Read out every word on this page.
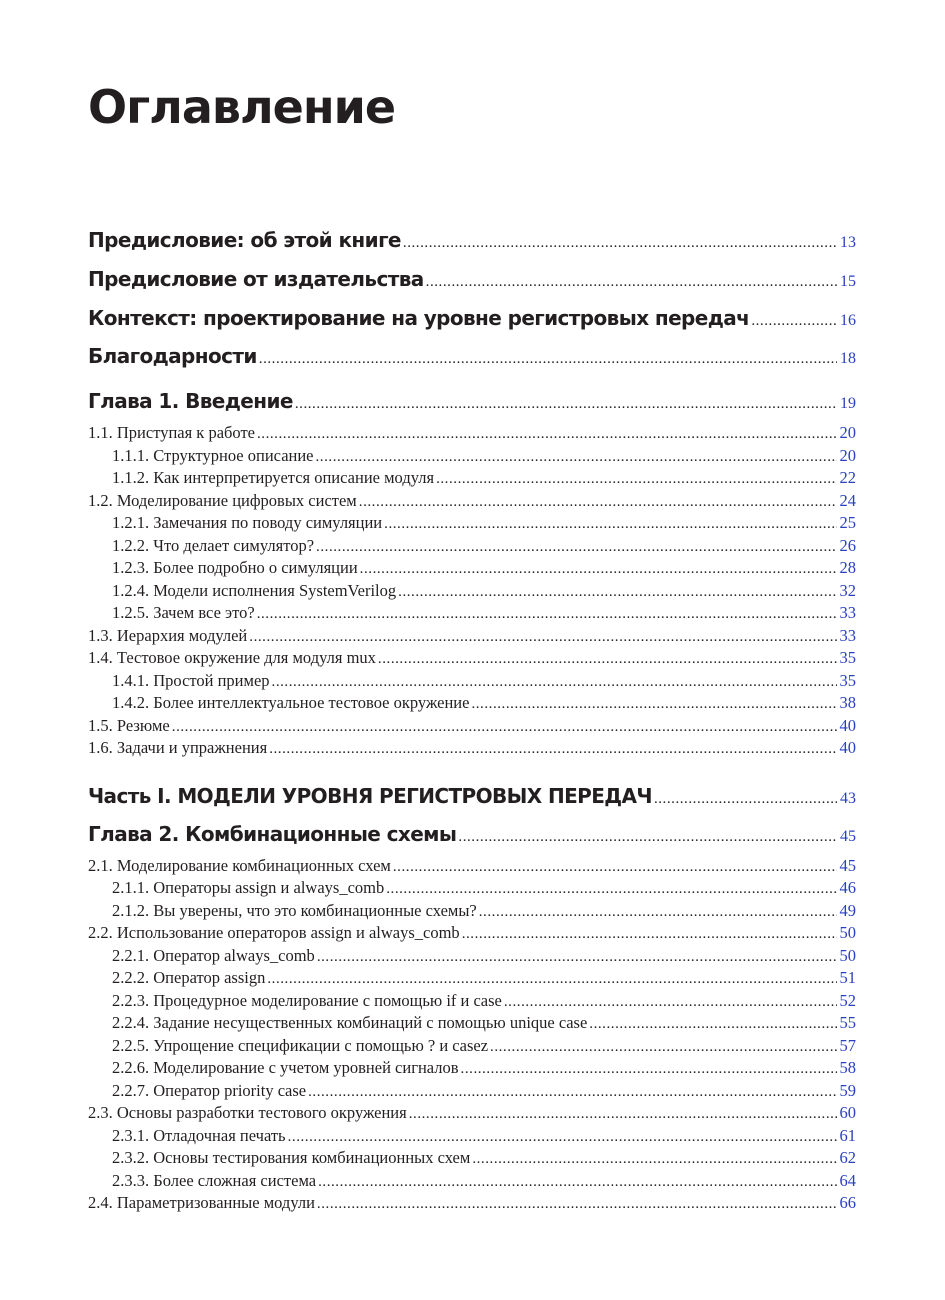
Оглавление
Предисловие: об этой книге . . .	13
Предисловие от издательства . . .	15
Контекст: проектирование на уровне регистровых передач . . .	16
Благодарности . . .	18
Глава 1. Введение . . .	19
1.1. Приступая к работе . . .	20
1.1.1. Структурное описание . . .	20
1.1.2. Как интерпретируется описание модуля . . .	22
1.2. Моделирование цифровых систем . . .	24
1.2.1. Замечания по поводу симуляции . . .	25
1.2.2. Что делает симулятор? . . .	26
1.2.3. Более подробно о симуляции . . .	28
1.2.4. Модели исполнения SystemVerilog . . .	32
1.2.5. Зачем все это? . . .	33
1.3. Иерархия модулей . . .	33
1.4. Тестовое окружение для модуля mux . . .	35
1.4.1. Простой пример . . .	35
1.4.2. Более интеллектуальное тестовое окружение . . .	38
1.5. Резюме . . .	40
1.6. Задачи и упражнения . . .	40
Часть I. МОДЕЛИ УРОВНЯ РЕГИСТРОВЫХ ПЕРЕДАЧ . . .	43
Глава 2. Комбинационные схемы . . .	45
2.1. Моделирование комбинационных схем . . .	45
2.1.1. Операторы assign и always_comb . . .	46
2.1.2. Вы уверены, что это комбинационные схемы? . . .	49
2.2. Использование операторов assign и always_comb . . .	50
2.2.1. Оператор always_comb . . .	50
2.2.2. Оператор assign . . .	51
2.2.3. Процедурное моделирование с помощью if и case . . .	52
2.2.4. Задание несущественных комбинаций с помощью unique case . . .	55
2.2.5. Упрощение спецификации с помощью ? и casez . . .	57
2.2.6. Моделирование с учетом уровней сигналов . . .	58
2.2.7. Оператор priority case . . .	59
2.3. Основы разработки тестового окружения . . .	60
2.3.1. Отладочная печать . . .	61
2.3.2. Основы тестирования комбинационных схем . . .	62
2.3.3. Более сложная система . . .	64
2.4. Параметризованные модули . . .	66
